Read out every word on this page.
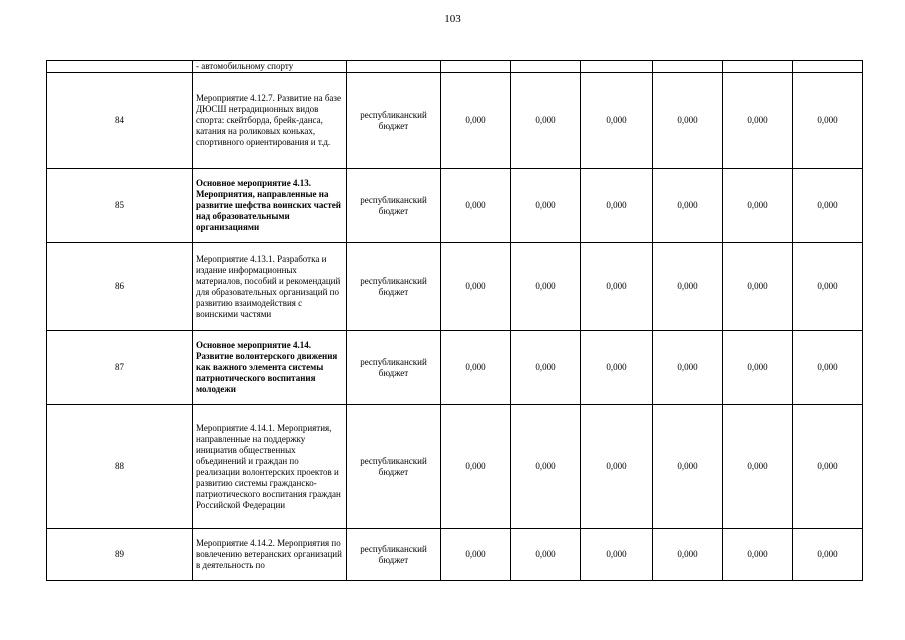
103
	- автомобильному спорту							
84	Мероприятие 4.12.7. Развитие на базе ДЮСШ нетрадиционных видов спорта: скейтборда, брейк-данса, катания на роликовых коньках, спортивного ориентирования и т.д.	республиканский бюджет	0,000	0,000	0,000	0,000	0,000	0,000
85	Основное мероприятие 4.13. Мероприятия, направленные на развитие шефства воинских частей над образовательными организациями	республиканский бюджет	0,000	0,000	0,000	0,000	0,000	0,000
86	Мероприятие 4.13.1. Разработка и издание информационных материалов, пособий и рекомендаций для образовательных организаций по развитию взаимодействия с воинскими частями	республиканский бюджет	0,000	0,000	0,000	0,000	0,000	0,000
87	Основное мероприятие 4.14. Развитие волонтерского движения как важного элемента системы патриотического воспитания молодежи	республиканский бюджет	0,000	0,000	0,000	0,000	0,000	0,000
88	Мероприятие 4.14.1. Мероприятия, направленные на поддержку инициатив общественных объединений и граждан по реализации волонтерских проектов и развитию системы гражданско-патриотического воспитания граждан Российской Федерации	республиканский бюджет	0,000	0,000	0,000	0,000	0,000	0,000
89	Мероприятие 4.14.2. Мероприятия по вовлечению ветеранских организаций в деятельность по	республиканский бюджет	0,000	0,000	0,000	0,000	0,000	0,000
